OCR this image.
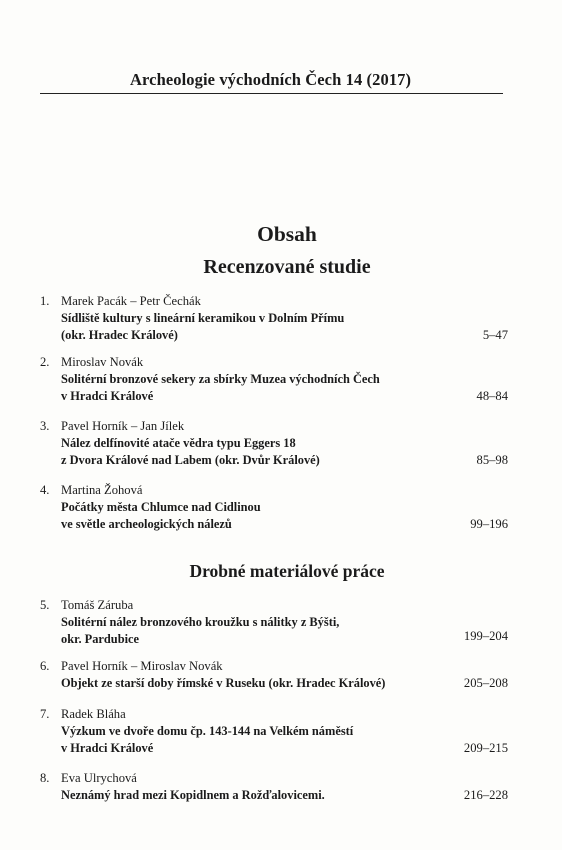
Archeologie východních Čech 14 (2017)
Obsah
Recenzované studie
Drobné materiálové práce
1. Marek Pacák – Petr Čechák
Sídliště kultury s lineární keramikou v Dolním Přímu
(okr. Hradec Králové)	5–47
2. Miroslav Novák
Solitérní bronzové sekery za sbírky Muzea východních Čech
v Hradci Králové	48–84
3. Pavel Horník – Jan Jílek
Nález delfínovité atače vědra typu Eggers 18
z Dvora Králové nad Labem (okr. Dvůr Králové)	85–98
4. Martina Žohová
Počátky města Chlumce nad Cidlinou
ve světle archeologických nálezů	99–196
5. Tomáš Záruba
Solitérní nález bronzového kroužku s nálitky z Býšti,
okr. Pardubice	199–204
6. Pavel Horník – Miroslav Novák
Objekt ze starší doby římské v Ruseku (okr. Hradec Králové)	205–208
7. Radek Bláha
Výzkum ve dvoře domu čp. 143-144 na Velkém náměstí
v Hradci Králové	209–215
8. Eva Ulrychová
Neznámý hrad mezi Kopidlnem a Rožďalovicemi.	216–228
